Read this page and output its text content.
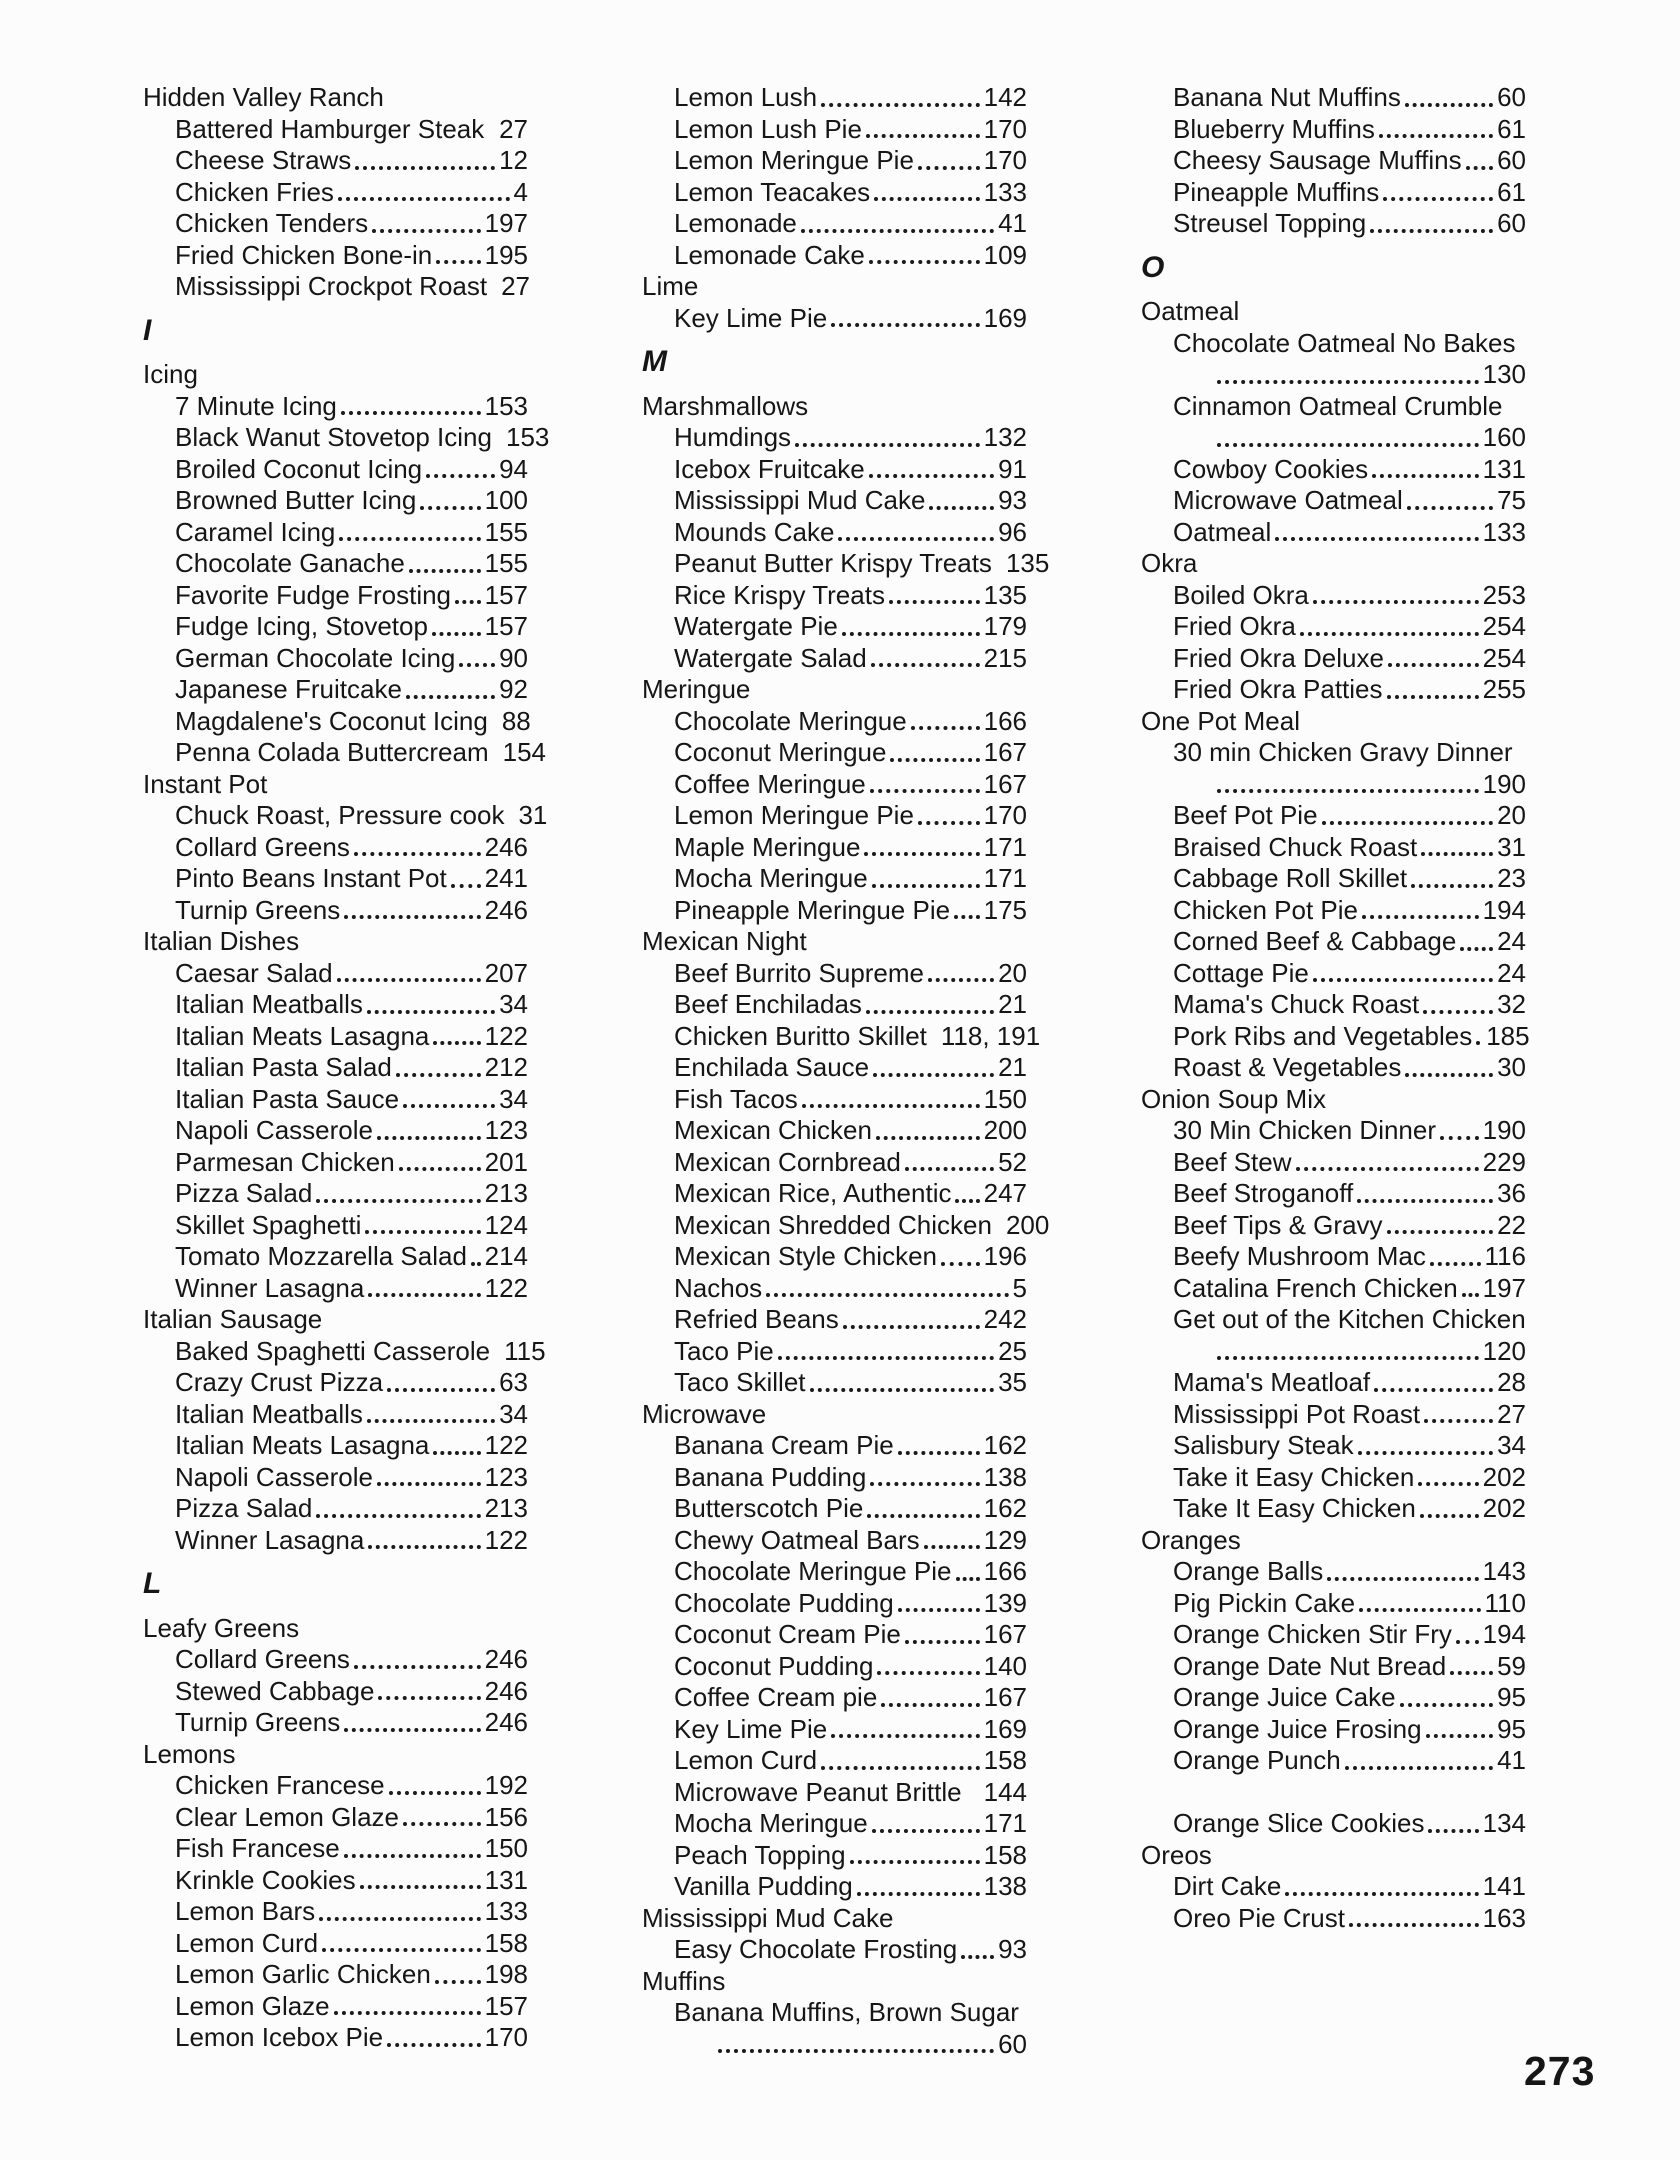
Hidden Valley Ranch
Battered Hamburger Steak 27
Cheese Straws	12
Chicken Fries	4
Chicken Tenders	197
Fried Chicken Bone-in 195
Mississippi Crockpot Roast 27
I
Icing
7 Minute Icing	153
Black Wanut Stovetop Icing 153
Broiled Coconut Icing	94
Browned Butter Icing	100
Caramel Icing	155
Chocolate Ganache	155
Favorite Fudge Frosting 157
Fudge Icing, Stovetop 157
German Chocolate Icing 90
Japanese Fruitcake	92
Magdalene's Coconut Icing 88
Penna Colada Buttercream 154
Instant Pot
Chuck Roast, Pressure cook 31
Collard Greens	246
Pinto Beans Instant Pot 241
Turnip Greens	246
Italian Dishes
Caesar Salad	207
Italian Meatballs	34
Italian Meats Lasagna 122
Italian Pasta Salad	212
Italian Pasta Sauce	34
Napoli Casserole	123
Parmesan Chicken	201
Pizza Salad	213
Skillet Spaghetti	124
Tomato Mozzarella Salad 214
Winner Lasagna	122
Italian Sausage
Baked Spaghetti Casserole 115
Crazy Crust Pizza	63
Italian Meatballs	34
Italian Meats Lasagna 122
Napoli Casserole	123
Pizza Salad	213
Winner Lasagna	122
L
Leafy Greens
Collard Greens	246
Stewed Cabbage	246
Turnip Greens	246
Lemons
Chicken Francese	192
Clear Lemon Glaze	156
Fish Francese	150
Krinkle Cookies	131
Lemon Bars	133
Lemon Curd	158
Lemon Garlic Chicken 198
Lemon Glaze	157
Lemon Icebox Pie	170
Lemon Lush	142
Lemon Lush Pie	170
Lemon Meringue Pie	170
Lemon Teacakes	133
Lemonade	41
Lemonade Cake	109
Lime
Key Lime Pie	169
M
Marshmallows
Humdings	132
Icebox Fruitcake	91
Mississippi Mud Cake	93
Mounds Cake	96
Peanut Butter Krispy Treats 135
Rice Krispy Treats	135
Watergate Pie	179
Watergate Salad	215
Meringue
Chocolate Meringue	166
Coconut Meringue	167
Coffee Meringue	167
Lemon Meringue Pie	170
Maple Meringue	171
Mocha Meringue	171
Pineapple Meringue Pie 175
Mexican Night
Beef Burrito Supreme	20
Beef Enchiladas	21
Chicken Buritto Skillet 118, 191
Enchilada Sauce	21
Fish Tacos	150
Mexican Chicken	200
Mexican Cornbread	52
Mexican Rice, Authentic 247
Mexican Shredded Chicken 200
Mexican Style Chicken 196
Nachos	5
Refried Beans	242
Taco Pie	25
Taco Skillet	35
Microwave
Banana Cream Pie	162
Banana Pudding	138
Butterscotch Pie	162
Chewy Oatmeal Bars 129
Chocolate Meringue Pie 166
Chocolate Pudding	139
Coconut Cream Pie	167
Coconut Pudding	140
Coffee Cream pie	167
Key Lime Pie	169
Lemon Curd	158
Microwave Peanut Brittle 144
Mocha Meringue	171
Peach Topping	158
Vanilla Pudding	138
Mississippi Mud Cake
Easy Chocolate Frosting 93
Muffins
Banana Muffins, Brown Sugar
60
Banana Nut Muffins	60
Blueberry Muffins	61
Cheesy Sausage Muffins 60
Pineapple Muffins	61
Streusel Topping	60
O
Oatmeal
Chocolate Oatmeal No Bakes
130
Cinnamon Oatmeal Crumble
160
Cowboy Cookies	131
Microwave Oatmeal	75
Oatmeal	133
Okra
Boiled Okra	253
Fried Okra	254
Fried Okra Deluxe	254
Fried Okra Patties	255
One Pot Meal
30 min Chicken Gravy Dinner
190
Beef Pot Pie	20
Braised Chuck Roast	31
Cabbage Roll Skillet	23
Chicken Pot Pie	194
Corned Beef & Cabbage 24
Cottage Pie	24
Mama's Chuck Roast	32
Pork Ribs and Vegetables 185
Roast & Vegetables	30
Onion Soup Mix
30 Min Chicken Dinner 190
Beef Stew	229
Beef Stroganoff	36
Beef Tips & Gravy	22
Beefy Mushroom Mac 116
Catalina French Chicken 197
Get out of the Kitchen Chicken
120
Mama's Meatloaf	28
Mississippi Pot Roast	27
Salisbury Steak	34
Take it Easy Chicken	202
Take It Easy Chicken	202
Oranges
Orange Balls	143
Pig Pickin Cake	110
Orange Chicken Stir Fry 194
Orange Date Nut Bread 59
Orange Juice Cake	95
Orange Juice Frosing	95
Orange Punch	41
Orange Slice Cookies 134
Oreos
Dirt Cake	141
Oreo Pie Crust	163
273
